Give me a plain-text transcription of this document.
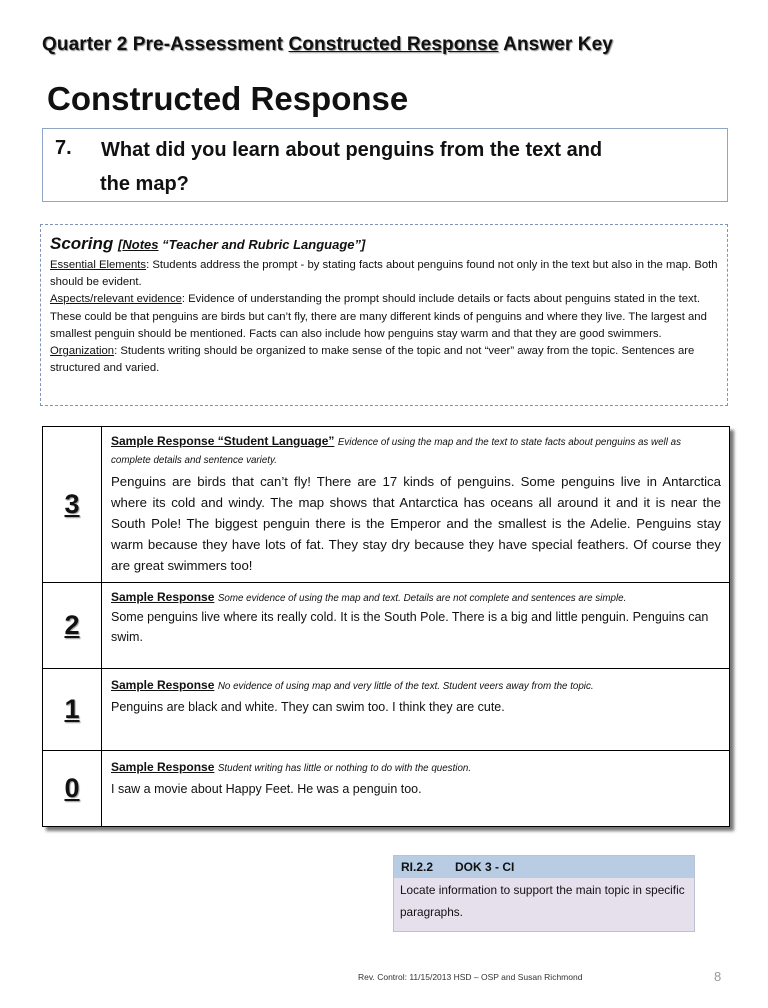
Quarter 2 Pre-Assessment Constructed Response Answer Key
Constructed Response
7. What did you learn about penguins from the text and
the map?
Scoring [Notes “Teacher and Rubric Language”]
Essential Elements: Students address the prompt - by stating facts about penguins found not only in the text but also in the map. Both should be evident.
Aspects/relevant evidence: Evidence of understanding the prompt should include details or facts about penguins stated in the text. These could be that penguins are birds but can’t fly, there are many different kinds of penguins and where they live. The largest and smallest penguin should be mentioned. Facts can also include how penguins stay warm and that they are good swimmers.
Organization: Students writing should be organized to make sense of the topic and not “veer” away from the topic. Sentences are structured and varied.
3	Sample Response “Student Language” Evidence of using the map and the text to state facts about penguins as well as complete details and sentence variety.
Penguins are birds that can’t fly! There are 17 kinds of penguins. Some penguins live in Antarctica where its cold and windy. The map shows that Antarctica has oceans all around it and it is near the South Pole! The biggest penguin there is the Emperor and the smallest is the Adelie. Penguins stay warm because they have lots of fat. They stay dry because they have special feathers. Of course they are great swimmers too!

2	Sample Response Some evidence of using the map and text. Details are not complete and sentences are simple.
Some penguins live where its really cold. It is the South Pole. There is a big and little penguin. Penguins can swim.

1	Sample Response No evidence of using map and very little of the text. Student veers away from the topic.
Penguins are black and white. They can swim too. I think they are cute.

0	Sample Response Student writing has little or nothing to do with the question.
I saw a movie about Happy Feet. He was a penguin too.
RI.2.2 DOK 3 - CI
Locate information to support the main topic in specific paragraphs.
Rev. Control: 11/15/2013 HSD – OSP and Susan Richmond	8
